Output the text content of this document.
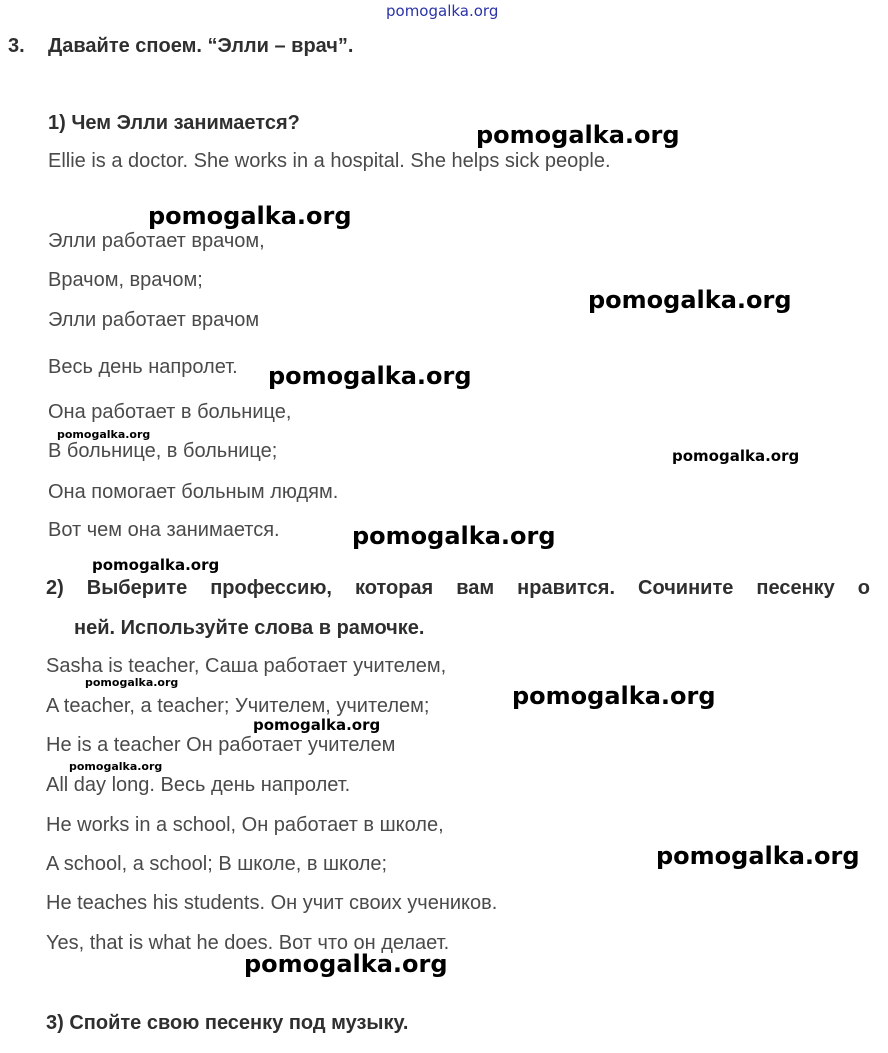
pomogalka.org
3. Давайте споем. “Элли – врач”.
1) Чем Элли занимается?
Ellie is a doctor. She works in a hospital. She helps sick people.
Элли работает врачом,
Врачом, врачом;
Элли работает врачом
Весь день напролет.
Она работает в больнице,
В больнице, в больнице;
Она помогает больным людям.
Вот чем она занимается.
2) Выберите профессию, которая вам нравится. Сочините песенку о
ней. Используйте слова в рамочке.
Sasha is teacher, Саша работает учителем,
A teacher, a teacher; Учителем, учителем;
He is a teacher Он работает учителем
All day long. Весь день напролет.
He works in a school, Он работает в школе,
A school, a school; В школе, в школе;
He teaches his students. Он учит своих учеников.
Yes, that is what he does. Вот что он делает.
3) Спойте свою песенку под музыку.
pomogalka.org
pomogalka.org
pomogalka.org
pomogalka.org
pomogalka.org
pomogalka.org
pomogalka.org
pomogalka.org
pomogalka.org	pomogalka.org
pomogalka.org
pomogalka.org
pomogalka.org
pomogalka.org
